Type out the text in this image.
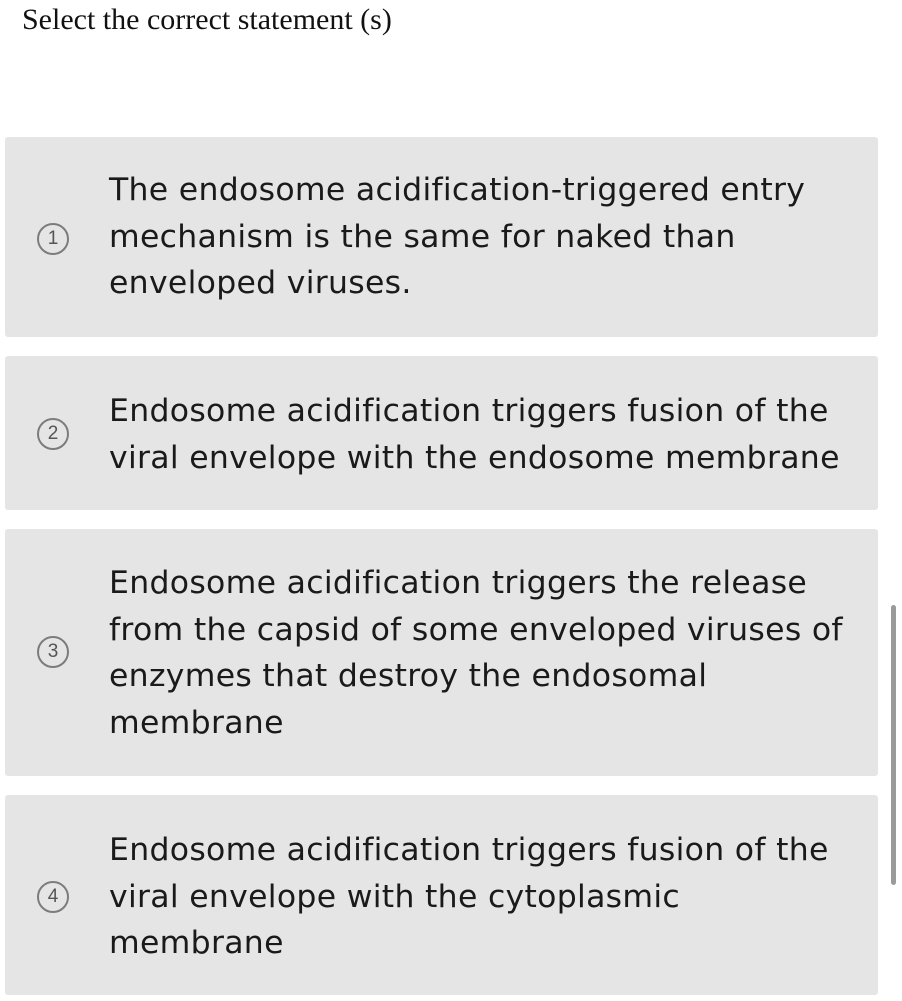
Select the correct statement (s)
1
The endosome acidification-triggered entry
mechanism is the same for naked than
enveloped viruses.
2
Endosome acidification triggers fusion of the
viral envelope with the endosome membrane
3
Endosome acidification triggers the release
from the capsid of some enveloped viruses of
enzymes that destroy the endosomal
membrane
4
Endosome acidification triggers fusion of the
viral envelope with the cytoplasmic
membrane
